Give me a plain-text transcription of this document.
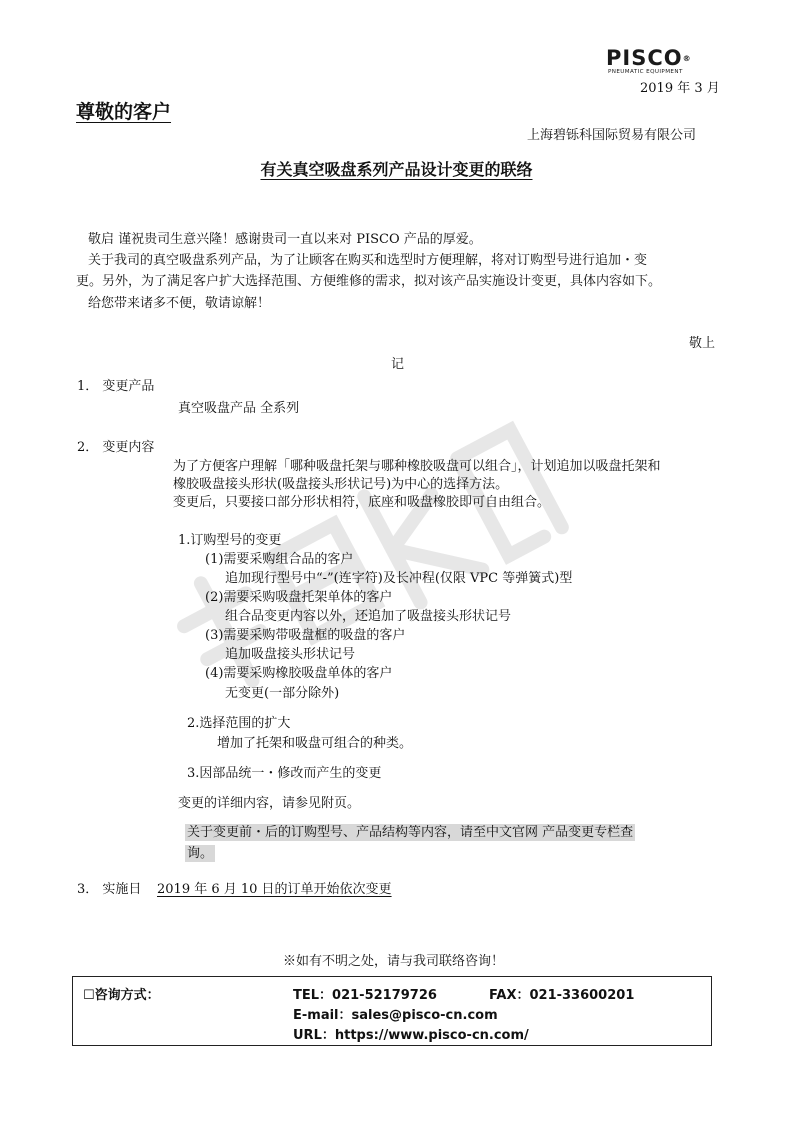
PISCO®
PNEUMATIC EQUIPMENT
2019 年 3 月
尊敬的客户
上海碧铄科国际贸易有限公司
有关真空吸盘系列产品设计变更的联络
敬启 谨祝贵司生意兴隆！感谢贵司一直以来对 PISCO 产品的厚爱。
关于我司的真空吸盘系列产品，为了让顾客在购买和选型时方便理解，将对订购型号进行追加・变
更。另外，为了满足客户扩大选择范围、方便维修的需求，拟对该产品实施设计变更，具体内容如下。
给您带来诸多不便，敬请谅解！
敬上
记
1． 变更产品
真空吸盘产品 全系列
2． 变更内容
为了方便客户理解「哪种吸盘托架与哪种橡胶吸盘可以组合」，计划追加以吸盘托架和
橡胶吸盘接头形状(吸盘接头形状记号)为中心的选择方法。
变更后，只要接口部分形状相符，底座和吸盘橡胶即可自由组合。
1.订购型号的变更
(1)需要采购组合品的客户
追加现行型号中“-”(连字符)及长冲程(仅限 VPC 等弹簧式)型
(2)需要采购吸盘托架单体的客户
组合品变更内容以外，还追加了吸盘接头形状记号
(3)需要采购带吸盘框的吸盘的客户
追加吸盘接头形状记号
(4)需要采购橡胶吸盘单体的客户
无变更(一部分除外)
2.选择范围的扩大
增加了托架和吸盘可组合的种类。
3.因部品统一・修改而产生的变更
变更的详细内容，请参见附页。
关于变更前・后的订购型号、产品结构等内容，请至中文官网 产品变更专栏查
询。
3． 实施日 2019 年 6 月 10 日的订单开始依次变更
※如有不明之处，请与我司联络咨询！
☐咨询方式：	TEL：021-52179726	FAX：021-33600201
E-mail：sales@pisco-cn.com
URL：https://www.pisco-cn.com/
